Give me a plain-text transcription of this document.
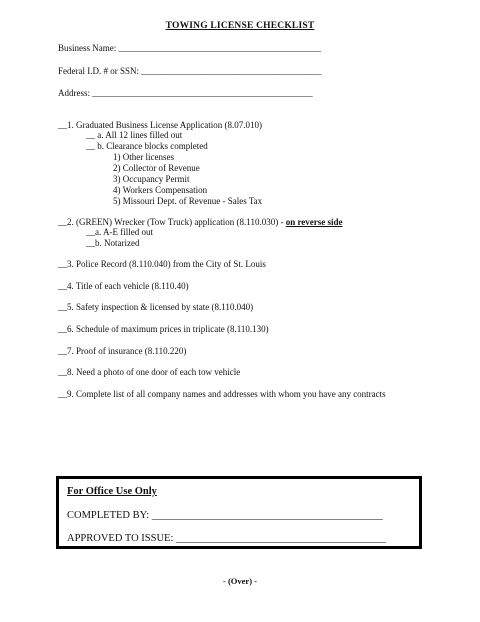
TOWING LICENSE CHECKLIST
Business Name: _____________________________________________
Federal I.D. # or SSN: ________________________________________
Address: _________________________________________________
__1. Graduated Business License Application (8.07.010)
__ a. All 12 lines filled out
__ b. Clearance blocks completed
1) Other licenses
2) Collector of Revenue
3) Occupancy Permit
4) Workers Compensation
5) Missouri Dept. of Revenue - Sales Tax
__2. (GREEN) Wrecker (Tow Truck) application (8.110.030) - on reverse side
__a. A-E filled out
__b. Notarized
__3. Police Record (8.110.040) from the City of St. Louis
__4. Title of each vehicle (8.110.40)
__5. Safety inspection & licensed by state (8.110.040)
__6. Schedule of maximum prices in triplicate (8.110.130)
__7. Proof of insurance (8.110.220)
__8. Need a photo of one door of each tow vehicle
__9. Complete list of all company names and addresses with whom you have any contracts
For Office Use Only
COMPLETED BY: ____________________________________________
APPROVED TO ISSUE: ________________________________________
- (Over) -
